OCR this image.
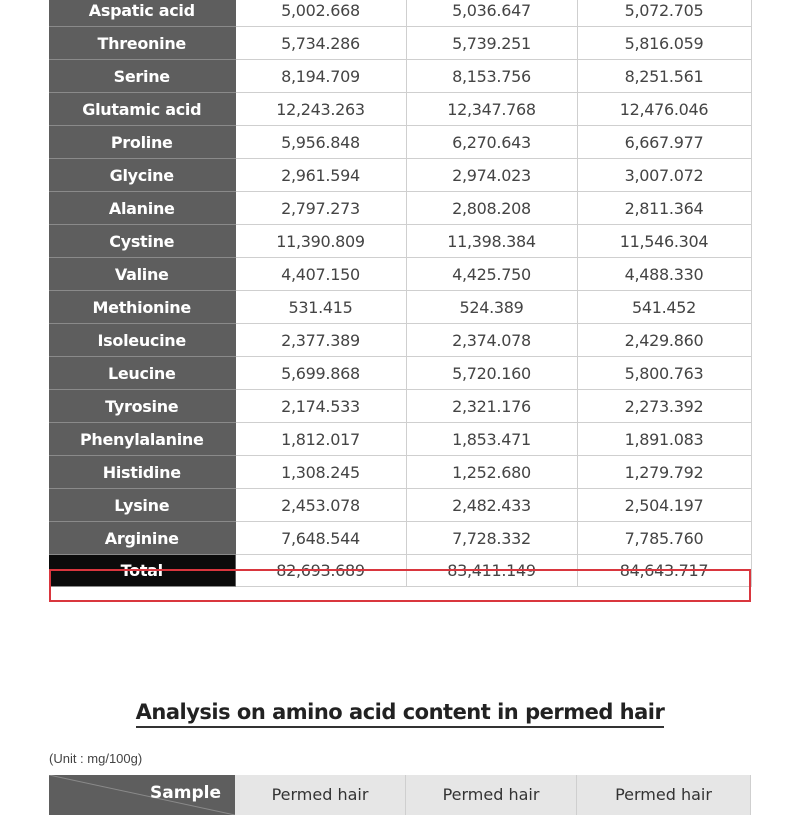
Aspatic acid	5,002.668	5,036.647	5,072.705
Threonine	5,734.286	5,739.251	5,816.059
Serine	8,194.709	8,153.756	8,251.561
Glutamic acid	12,243.263	12,347.768	12,476.046
Proline	5,956.848	6,270.643	6,667.977
Glycine	2,961.594	2,974.023	3,007.072
Alanine	2,797.273	2,808.208	2,811.364
Cystine	11,390.809	11,398.384	11,546.304
Valine	4,407.150	4,425.750	4,488.330
Methionine	531.415	524.389	541.452
Isoleucine	2,377.389	2,374.078	2,429.860
Leucine	5,699.868	5,720.160	5,800.763
Tyrosine	2,174.533	2,321.176	2,273.392
Phenylalanine	1,812.017	1,853.471	1,891.083
Histidine	1,308.245	1,252.680	1,279.792
Lysine	2,453.078	2,482.433	2,504.197
Arginine	7,648.544	7,728.332	7,785.760
Total	82,693.689	83,411.149	84,643.717
Analysis on amino acid content in permed hair
(Unit : mg/100g)
Sample	Permed hair	Permed hair	Permed hair
